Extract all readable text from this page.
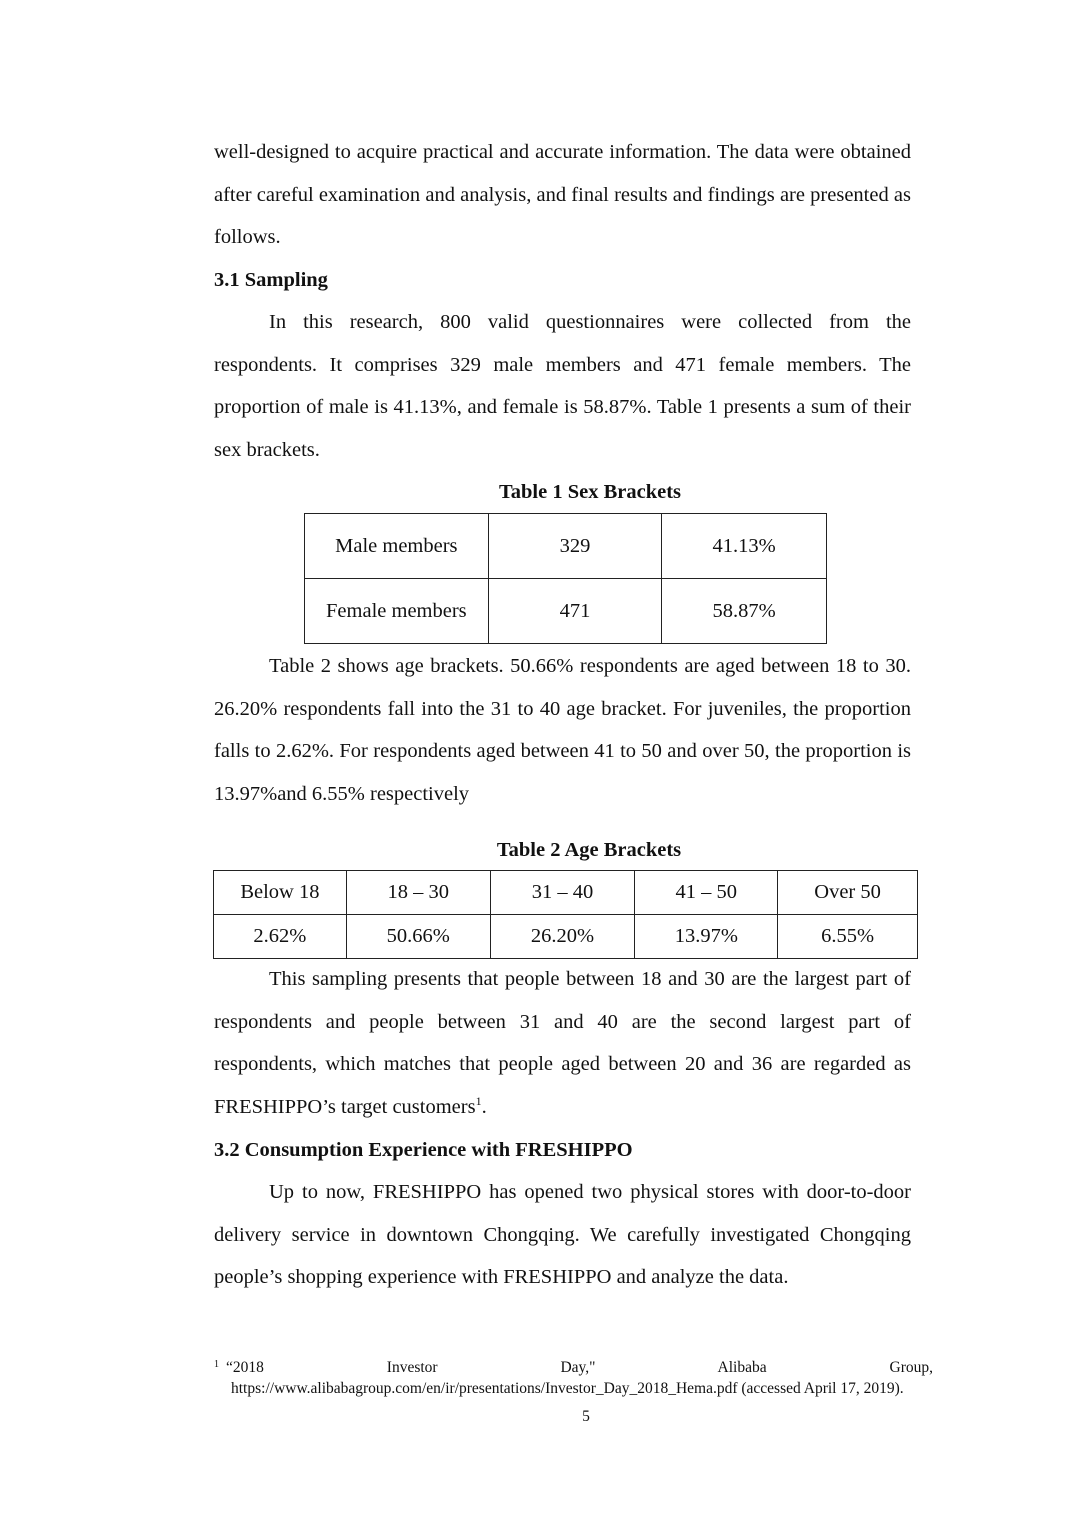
well-designed to acquire practical and accurate information. The data were obtained after careful examination and analysis, and final results and findings are presented as follows.

3.1 Sampling

In this research, 800 valid questionnaires were collected from the respondents. It comprises 329 male members and 471 female members. The proportion of male is 41.13%, and female is 58.87%. Table 1 presents a sum of their sex brackets.

Table 1 Sex Brackets

Male members	329	41.13%
Female members	471	58.87%

Table 2 shows age brackets. 50.66% respondents are aged between 18 to 30. 26.20% respondents fall into the 31 to 40 age bracket. For juveniles, the proportion falls to 2.62%. For respondents aged between 41 to 50 and over 50, the proportion is 13.97%and 6.55% respectively

Table 2 Age Brackets

Below 18	18 – 30	31 – 40	41 – 50	Over 50
2.62%	50.66%	26.20%	13.97%	6.55%

This sampling presents that people between 18 and 30 are the largest part of respondents and people between 31 and 40 are the second largest part of respondents, which matches that people aged between 20 and 36 are regarded as FRESHIPPO’s target customers$^1$.

3.2 Consumption Experience with FRESHIPPO

Up to now, FRESHIPPO has opened two physical stores with door-to-door delivery service in downtown Chongqing. We carefully investigated Chongqing people’s shopping experience with FRESHIPPO and analyze the data.

$^1$ “2018 Investor Day," Alibaba Group, https://www.alibabagroup.com/en/ir/presentations/Investor_Day_2018_Hema.pdf (accessed April 17, 2019).

5
